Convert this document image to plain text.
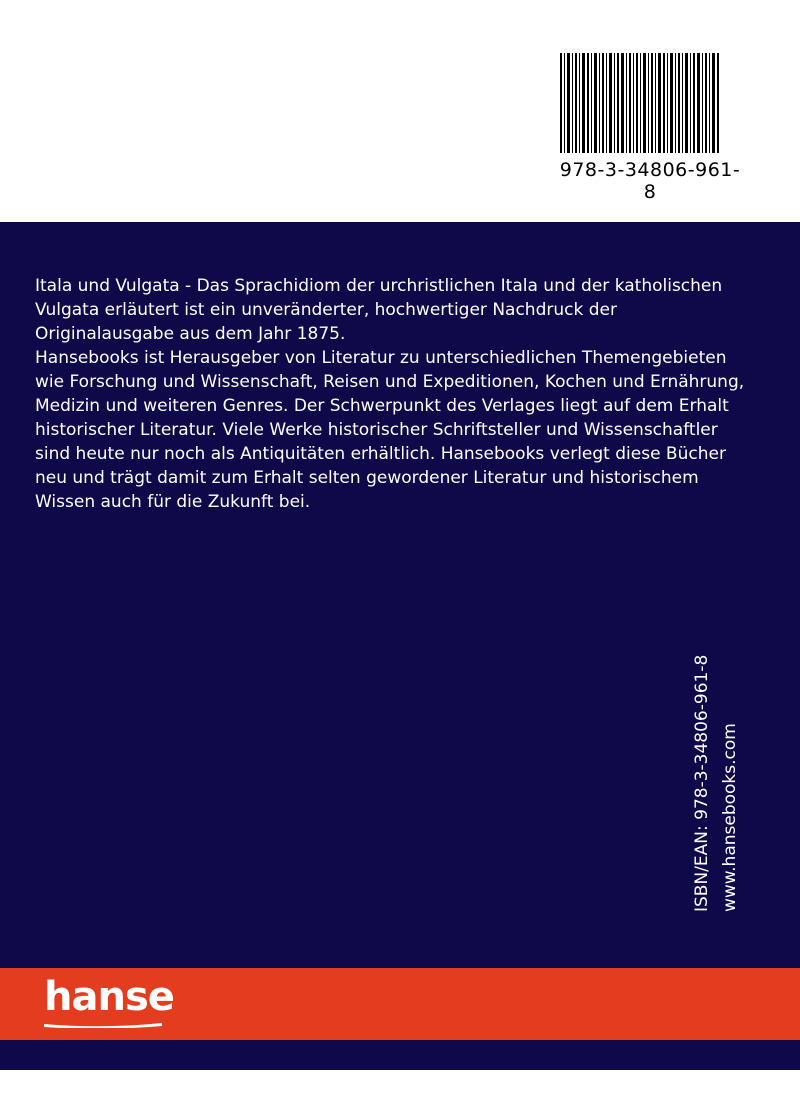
978-3-34806-961-8

Itala und Vulgata - Das Sprachidiom der urchristlichen Itala und der katholischen Vulgata erläutert ist ein unveränderter, hochwertiger Nachdruck der Originalausgabe aus dem Jahr 1875.

Hansebooks ist Herausgeber von Literatur zu unterschiedlichen Themengebieten wie Forschung und Wissenschaft, Reisen und Expeditionen, Kochen und Ernährung, Medizin und weiteren Genres. Der Schwerpunkt des Verlages liegt auf dem Erhalt historischer Literatur. Viele Werke historischer Schriftsteller und Wissenschaftler sind heute nur noch als Antiquitäten erhältlich. Hansebooks verlegt diese Bücher neu und trägt damit zum Erhalt selten gewordener Literatur und historischem Wissen auch für die Zukunft bei.

ISBN/EAN: 978-3-34806-961-8 www.hansebooks.com
hanse
